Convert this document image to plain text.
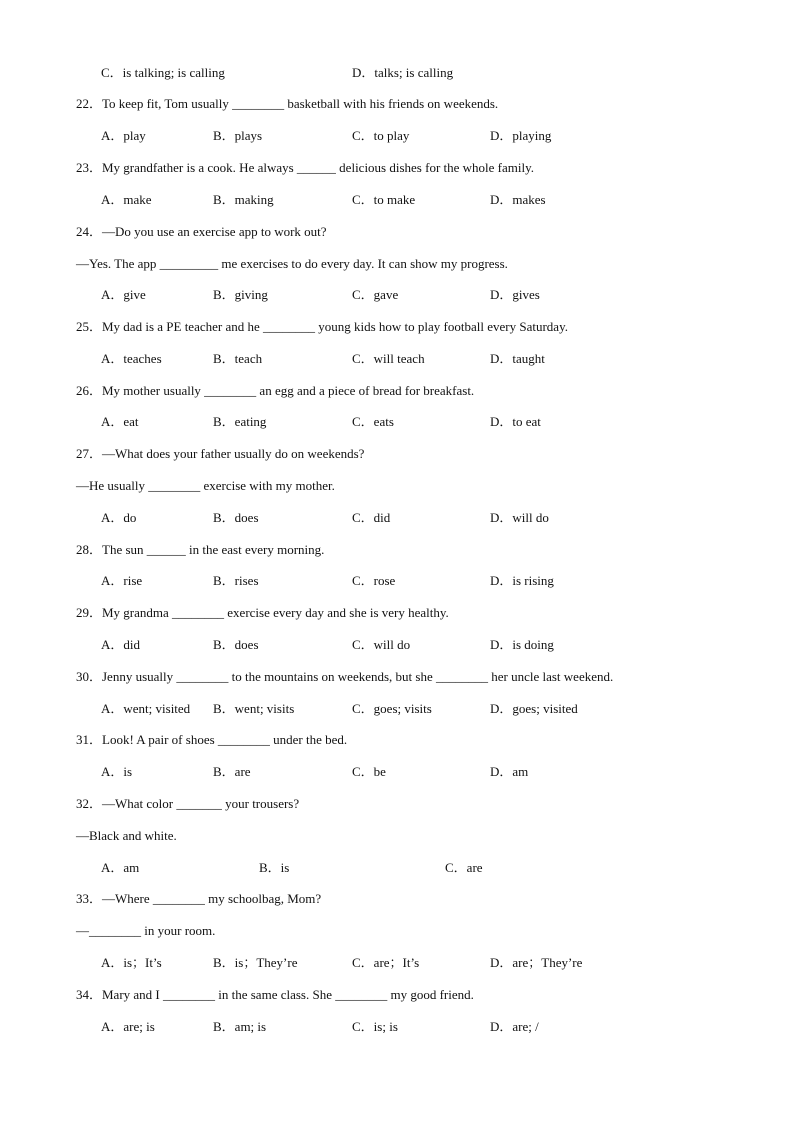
C．is talking; is calling	D．talks; is calling
22．To keep fit, Tom usually ________ basketball with his friends on weekends.
A．play	B．plays	C．to play	D．playing
23．My grandfather is a cook. He always ______ delicious dishes for the whole family.
A．make	B．making	C．to make	D．makes
24．—Do you use an exercise app to work out?
—Yes. The app _________ me exercises to do every day. It can show my progress.
A．give	B．giving	C．gave	D．gives
25．My dad is a PE teacher and he ________ young kids how to play football every Saturday.
A．teaches	B．teach	C．will teach	D．taught
26．My mother usually ________ an egg and a piece of bread for breakfast.
A．eat	B．eating	C．eats	D．to eat
27．—What does your father usually do on weekends?
—He usually ________ exercise with my mother.
A．do	B．does	C．did	D．will do
28．The sun ______ in the east every morning.
A．rise	B．rises	C．rose	D．is rising
29．My grandma ________ exercise every day and she is very healthy.
A．did	B．does	C．will do	D．is doing
30．Jenny usually ________ to the mountains on weekends, but she ________ her uncle last weekend.
A．went; visited B．went; visits	C．goes; visits	D．goes; visited
31．Look! A pair of shoes ________ under the bed.
A．is	B．are	C．be	D．am
32．—What color _______ your trousers?
—Black and white.
A．am	B．is	C．are
33．—Where ________ my schoolbag, Mom?
—________ in your room.
A．is；It’s	B．is；They’re	C．are；It’s	D．are；They’re
34．Mary and I ________ in the same class. She ________ my good friend.
A．are; is	B．am; is	C．is; is	D．are; /
